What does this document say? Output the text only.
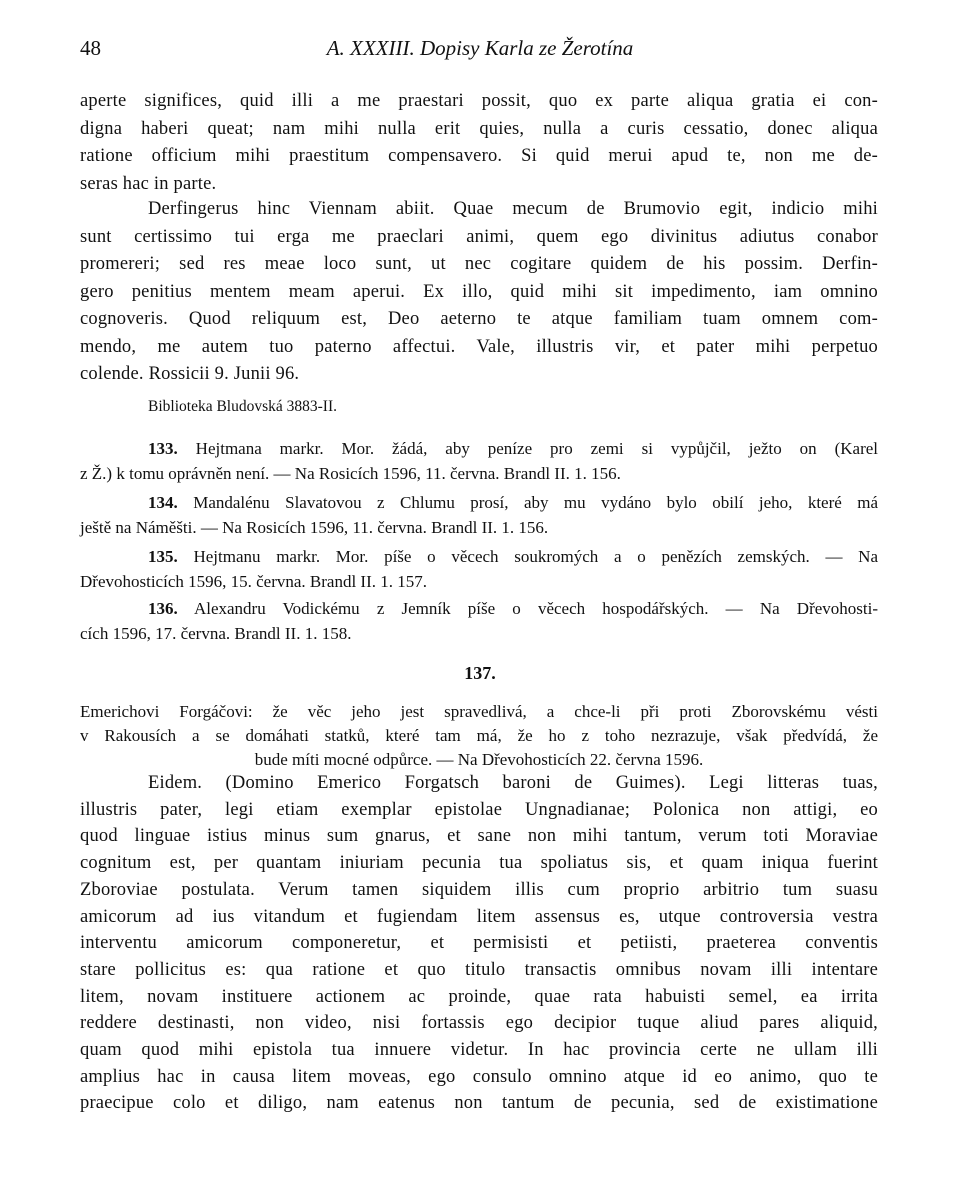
48	A. XXXIII. Dopisy Karla ze Žerotína

aperte significes, quid illi a me praestari possit, quo ex parte aliqua gratia ei con-

digna haberi queat; nam mihi nulla erit quies, nulla a curis cessatio, donec aliqua

ratione officium mihi praestitum compensavero. Si quid merui apud te, non me de-

seras hac in parte.

Derfingerus hinc Viennam abiit. Quae mecum de Brumovio egit, indicio mihi

sunt certissimo tui erga me praeclari animi, quem ego divinitus adiutus conabor

promereri; sed res meae loco sunt, ut nec cogitare quidem de his possim. Derfin-

gero penitius mentem meam aperui. Ex illo, quid mihi sit impedimento, iam omnino

cognoveris. Quod reliquum est, Deo aeterno te atque familiam tuam omnem com-

mendo, me autem tuo paterno affectui. Vale, illustris vir, et pater mihi perpetuo

colende. Rossicii 9. Junii 96.

Biblioteka Bludovská 3883-II.

133. Hejtmana markr. Mor. žádá, aby peníze pro zemi si vypůjčil, ježto on (Karel

z Ž.) k tomu oprávněn není. — Na Rosicích 1596, 11. června. Brandl II. 1. 156.

134. Mandalénu Slavatovou z Chlumu prosí, aby mu vydáno bylo obilí jeho, které má

ještě na Náměšti. — Na Rosicích 1596, 11. června. Brandl II. 1. 156.

135. Hejtmanu markr. Mor. píše o věcech soukromých a o penězích zemských. — Na

Dřevohosticích 1596, 15. června. Brandl II. 1. 157.

136. Alexandru Vodickému z Jemník píše o věcech hospodářských. — Na Dřevohosti-

cích 1596, 17. června. Brandl II. 1. 158.

137.

Emerichovi Forgáčovi: že věc jeho jest spravedlivá, a chce-li při proti Zborovskému vésti

v Rakousích a se domáhati statků, které tam má, že ho z toho nezrazuje, však předvídá, že

bude míti mocné odpůrce. — Na Dřevohosticích 22. června 1596.

Eidem. (Domino Emerico Forgatsch baroni de Guimes). Legi litteras tuas,

illustris pater, legi etiam exemplar epistolae Ungnadianae; Polonica non attigi, eo

quod linguae istius minus sum gnarus, et sane non mihi tantum, verum toti Moraviae

cognitum est, per quantam iniuriam pecunia tua spoliatus sis, et quam iniqua fuerint

Zboroviae postulata. Verum tamen siquidem illis cum proprio arbitrio tum suasu

amicorum ad ius vitandum et fugiendam litem assensus es, utque controversia vestra

interventu amicorum componeretur, et permisisti et petiisti, praeterea conventis

stare pollicitus es: qua ratione et quo titulo transactis omnibus novam illi intentare

litem, novam instituere actionem ac proinde, quae rata habuisti semel, ea irrita

reddere destinasti, non video, nisi fortassis ego decipior tuque aliud pares aliquid,

quam quod mihi epistola tua innuere videtur. In hac provincia certe ne ullam illi

amplius hac in causa litem moveas, ego consulo omnino atque id eo animo, quo te

praecipue colo et diligo, nam eatenus non tantum de pecunia, sed de existimatione
